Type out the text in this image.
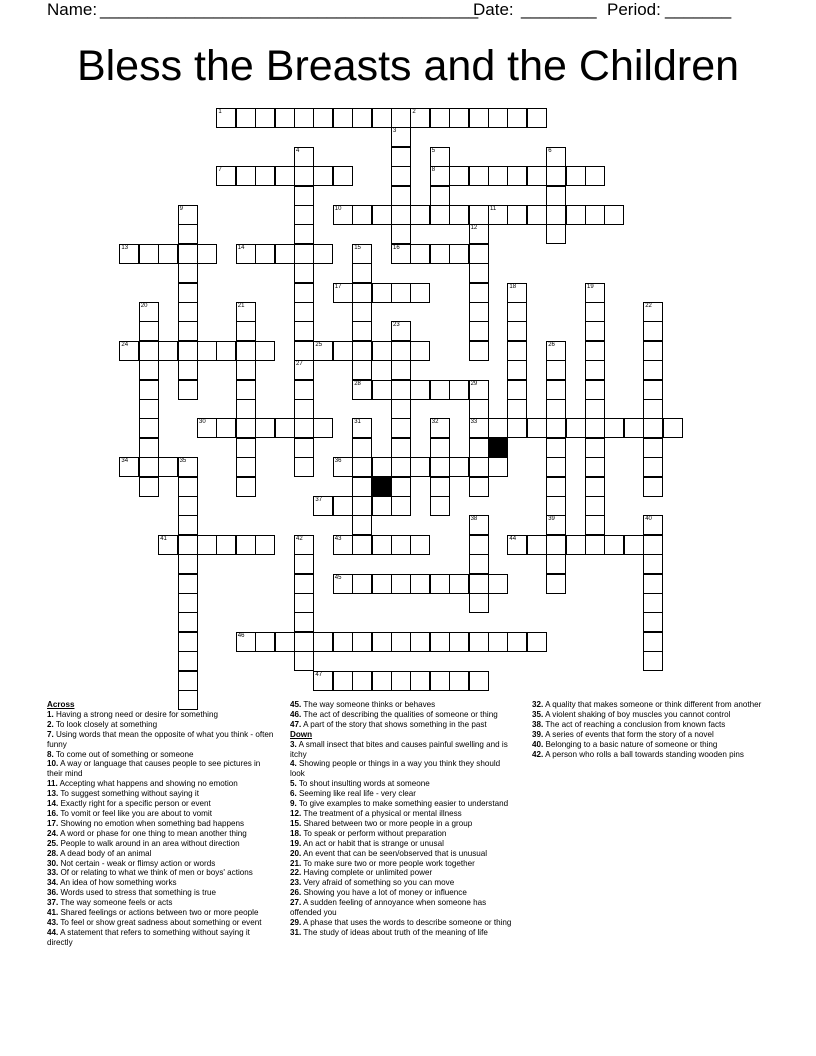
Name: ________________________________________
Date: ________ Period: _______
Bless the Breasts and the Children
1	2
3
4
27
5
8
6
7
9	10	11
12
13	14	15	16
17	18	19
20	21	22
23
24	25	26
28	29
33
30	31	32
34	35	36
37
38	39	40
41	42	43	44
45
46
47
Across
1. Having a strong need or desire for something
2. To look closely at something
7. Using words that mean the opposite of what you think - often funny
8. To come out of something or someone
10. A way or language that causes people to see pictures in their mind
11. Accepting what happens and showing no emotion
13. To suggest something without saying it
14. Exactly right for a specific person or event
16. To vomit or feel like you are about to vomit
17. Showing no emotion when something bad happens
24. A word or phase for one thing to mean another thing
25. People to walk around in an area without direction
28. A dead body of an animal
30. Not certain - weak or flimsy action or words
33. Of or relating to what we think of men or boys' actions
34. An idea of how something works
36. Words used to stress that something is true
37. The way someone feels or acts
41. Shared feelings or actions between two or more people
43. To feel or show great sadness about something or event
44. A statement that refers to something without saying it directly
45. The way someone thinks or behaves
46. The act of describing the qualities of someone or thing
47. A part of the story that shows something in the past
Down
3. A small insect that bites and causes painful swelling and is itchy
4. Showing people or things in a way you think they should look
5. To shout insulting words at someone
6. Seeming like real life - very clear
9. To give examples to make something easier to understand
12. The treatment of a physical or mental illness
15. Shared between two or more people in a group
18. To speak or perform without preparation
19. An act or habit that is strange or unusal
20. An event that can be seen/observed that is unusual
21. To make sure two or more people work together
22. Having complete or unlimited power
23. Very afraid of something so you can move
26. Showing you have a lot of money or influence
27. A sudden feeling of annoyance when someone has offended you
29. A phase that uses the words to describe someone or thing
31. The study of ideas about truth of the meaning of life
32. A quality that makes someone or think different from another
35. A violent shaking of boy muscles you cannot control
38. The act of reaching a conclusion from known facts
39. A series of events that form the story of a novel
40. Belonging to a basic nature of someone or thing
42. A person who rolls a ball towards standing wooden pins
